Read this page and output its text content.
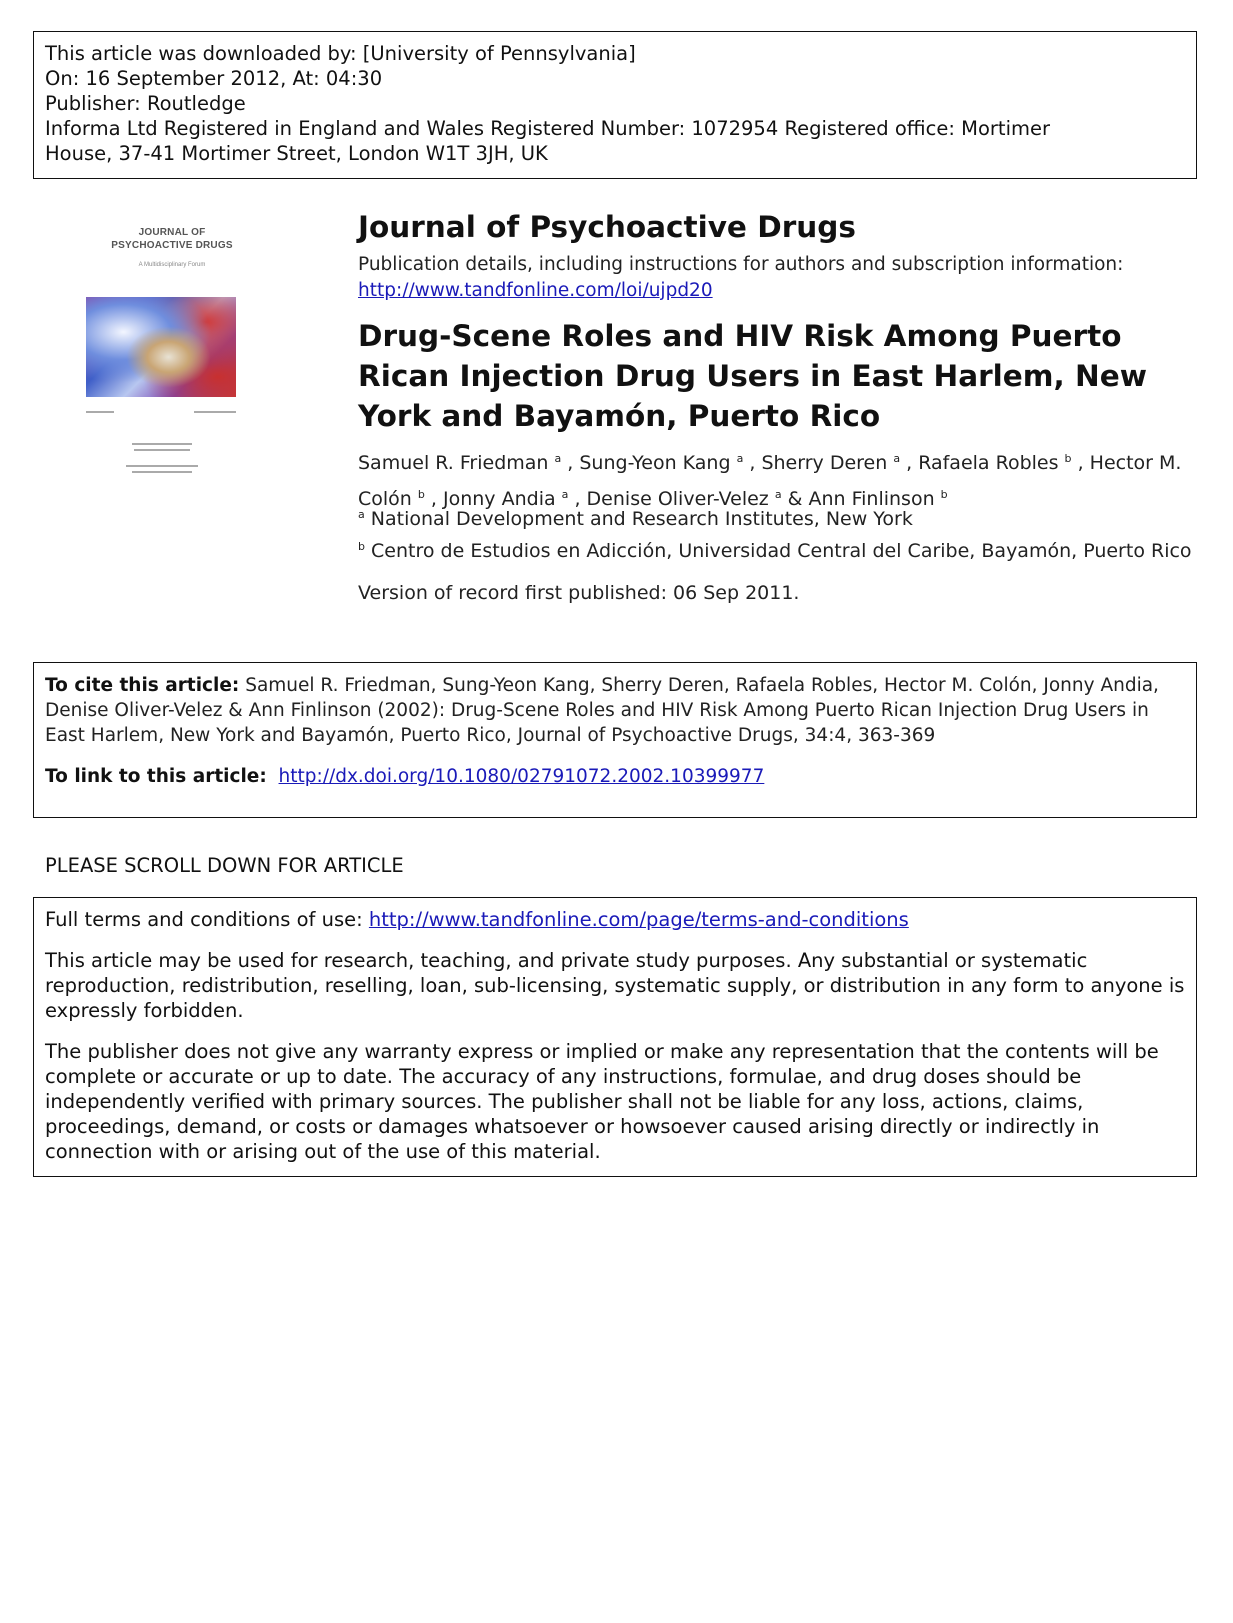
This article was downloaded by: [University of Pennsylvania]
On: 16 September 2012, At: 04:30
Publisher: Routledge
Informa Ltd Registered in England and Wales Registered Number: 1072954 Registered office: Mortimer
House, 37-41 Mortimer Street, London W1T 3JH, UK
JOURNAL OF
PSYCHOACTIVE DRUGS
A Multidisciplinary Forum
Journal of Psychoactive Drugs
Publication details, including instructions for authors and subscription information:
http://www.tandfonline.com/loi/ujpd20
Drug-Scene Roles and HIV Risk Among Puerto Rican Injection Drug Users in East Harlem, New York and Bayamón, Puerto Rico
Samuel R. Friedman $^a$ , Sung-Yeon Kang $^a$ , Sherry Deren $^a$ , Rafaela Robles $^b$ , Hector M. Colón $^b$ , Jonny Andia $^a$ , Denise Oliver-Velez $^a$ & Ann Finlinson $^b$
$^a$ National Development and Research Institutes, New York
$^b$ Centro de Estudios en Adicción, Universidad Central del Caribe, Bayamón, Puerto Rico
Version of record first published: 06 Sep 2011.
To cite this article: Samuel R. Friedman, Sung-Yeon Kang, Sherry Deren, Rafaela Robles, Hector M. Colón, Jonny Andia, Denise Oliver-Velez & Ann Finlinson (2002): Drug-Scene Roles and HIV Risk Among Puerto Rican Injection Drug Users in East Harlem, New York and Bayamón, Puerto Rico, Journal of Psychoactive Drugs, 34:4, 363-369
To link to this article: http://dx.doi.org/10.1080/02791072.2002.10399977
PLEASE SCROLL DOWN FOR ARTICLE

Full terms and conditions of use: http://www.tandfonline.com/page/terms-and-conditions

This article may be used for research, teaching, and private study purposes. Any substantial or systematic reproduction, redistribution, reselling, loan, sub-licensing, systematic supply, or distribution in any form to anyone is expressly forbidden.

The publisher does not give any warranty express or implied or make any representation that the contents will be complete or accurate or up to date. The accuracy of any instructions, formulae, and drug doses should be independently verified with primary sources. The publisher shall not be liable for any loss, actions, claims, proceedings, demand, or costs or damages whatsoever or howsoever caused arising directly or indirectly in connection with or arising out of the use of this material.
